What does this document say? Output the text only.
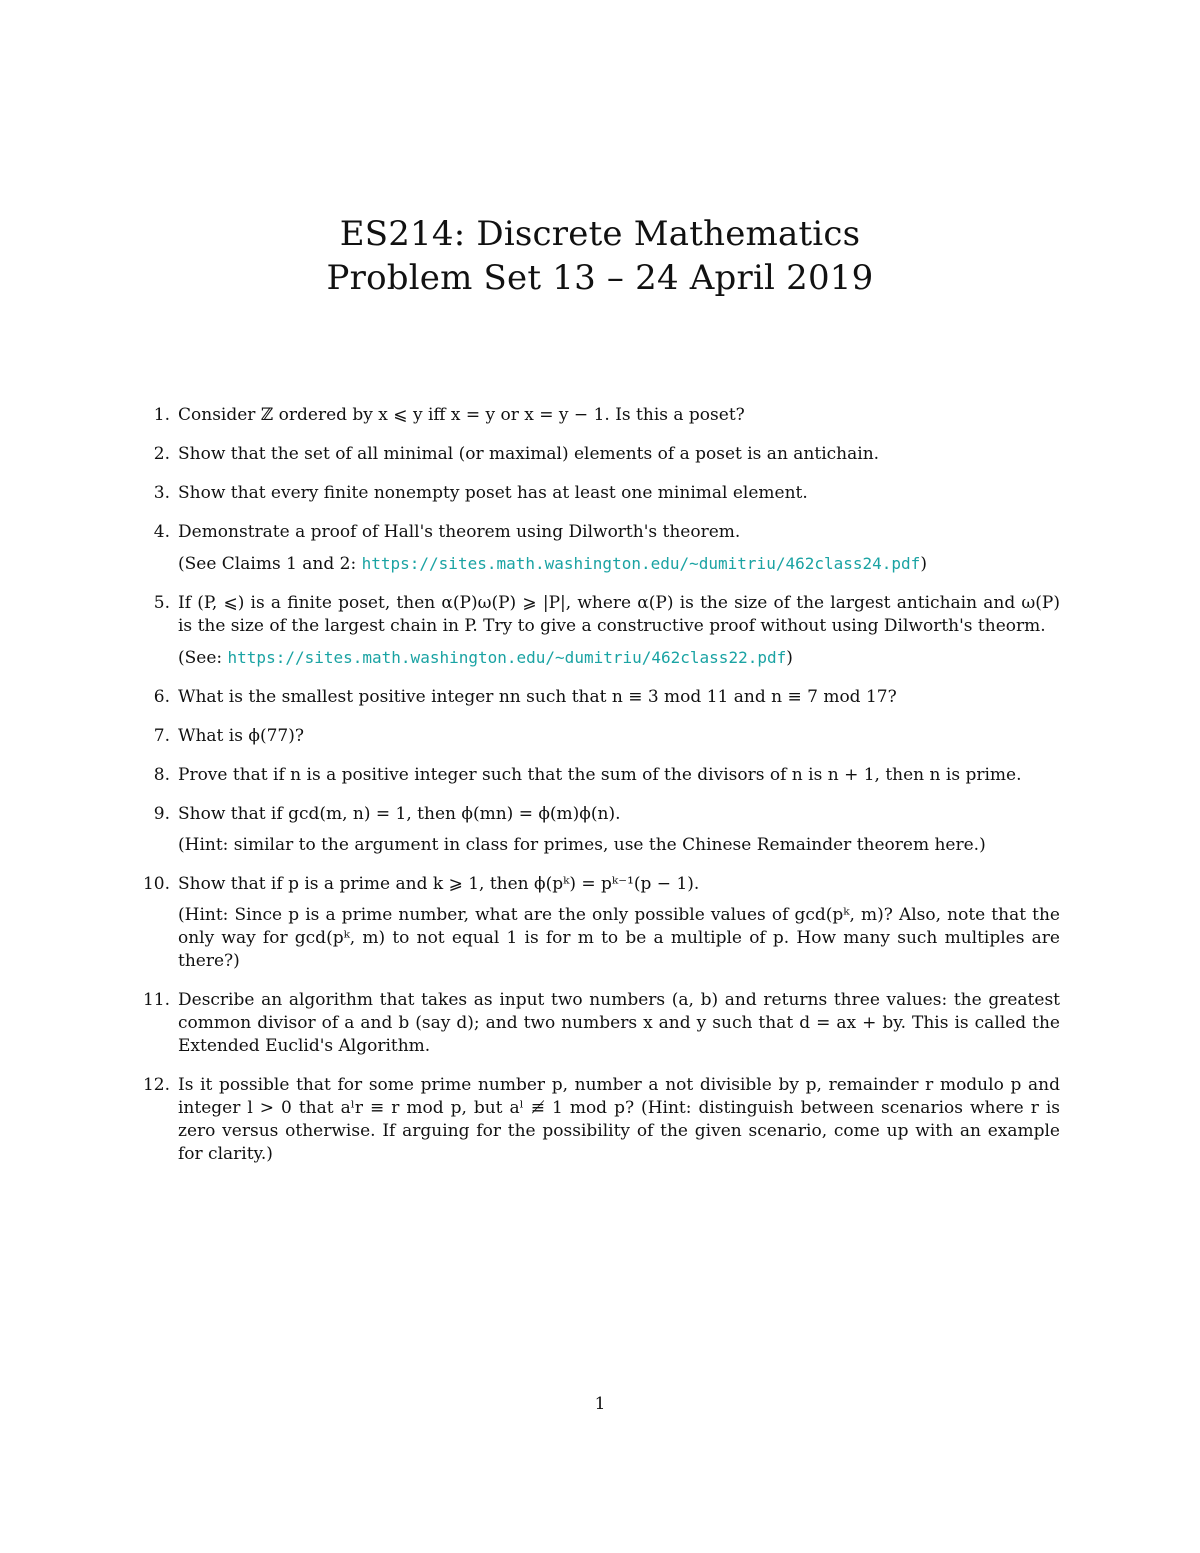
ES214: Discrete Mathematics
Problem Set 13 – 24 April 2019
1. Consider ℤ ordered by x ⩽ y iff x = y or x = y − 1. Is this a poset?
2. Show that the set of all minimal (or maximal) elements of a poset is an antichain.
3. Show that every finite nonempty poset has at least one minimal element.
4. Demonstrate a proof of Hall's theorem using Dilworth's theorem.
(See Claims 1 and 2: https://sites.math.washington.edu/~dumitriu/462class24.pdf)
5. If (P, ⩽) is a finite poset, then α(P)ω(P) ⩾ |P|, where α(P) is the size of the largest antichain and ω(P) is the size of the largest chain in P. Try to give a constructive proof without using Dilworth's theorm.
(See: https://sites.math.washington.edu/~dumitriu/462class22.pdf)
6. What is the smallest positive integer nn such that n ≡ 3 mod 11 and n ≡ 7 mod 17?
7. What is ϕ(77)?
8. Prove that if n is a positive integer such that the sum of the divisors of n is n + 1, then n is prime.
9. Show that if gcd(m, n) = 1, then ϕ(mn) = ϕ(m)ϕ(n).
(Hint: similar to the argument in class for primes, use the Chinese Remainder theorem here.)
10. Show that if p is a prime and k ⩾ 1, then ϕ(pᵏ) = pᵏ⁻¹(p − 1).
(Hint: Since p is a prime number, what are the only possible values of gcd(pᵏ, m)? Also, note that the only way for gcd(pᵏ, m) to not equal 1 is for m to be a multiple of p. How many such multiples are there?)
11. Describe an algorithm that takes as input two numbers (a, b) and returns three values: the greatest common divisor of a and b (say d); and two numbers x and y such that d = ax + by. This is called the Extended Euclid's Algorithm.
12. Is it possible that for some prime number p, number a not divisible by p, remainder r modulo p and integer l > 0 that aˡr ≡ r mod p, but aˡ ≢ 1 mod p? (Hint: distinguish between scenarios where r is zero versus otherwise. If arguing for the possibility of the given scenario, come up with an example for clarity.)
1
